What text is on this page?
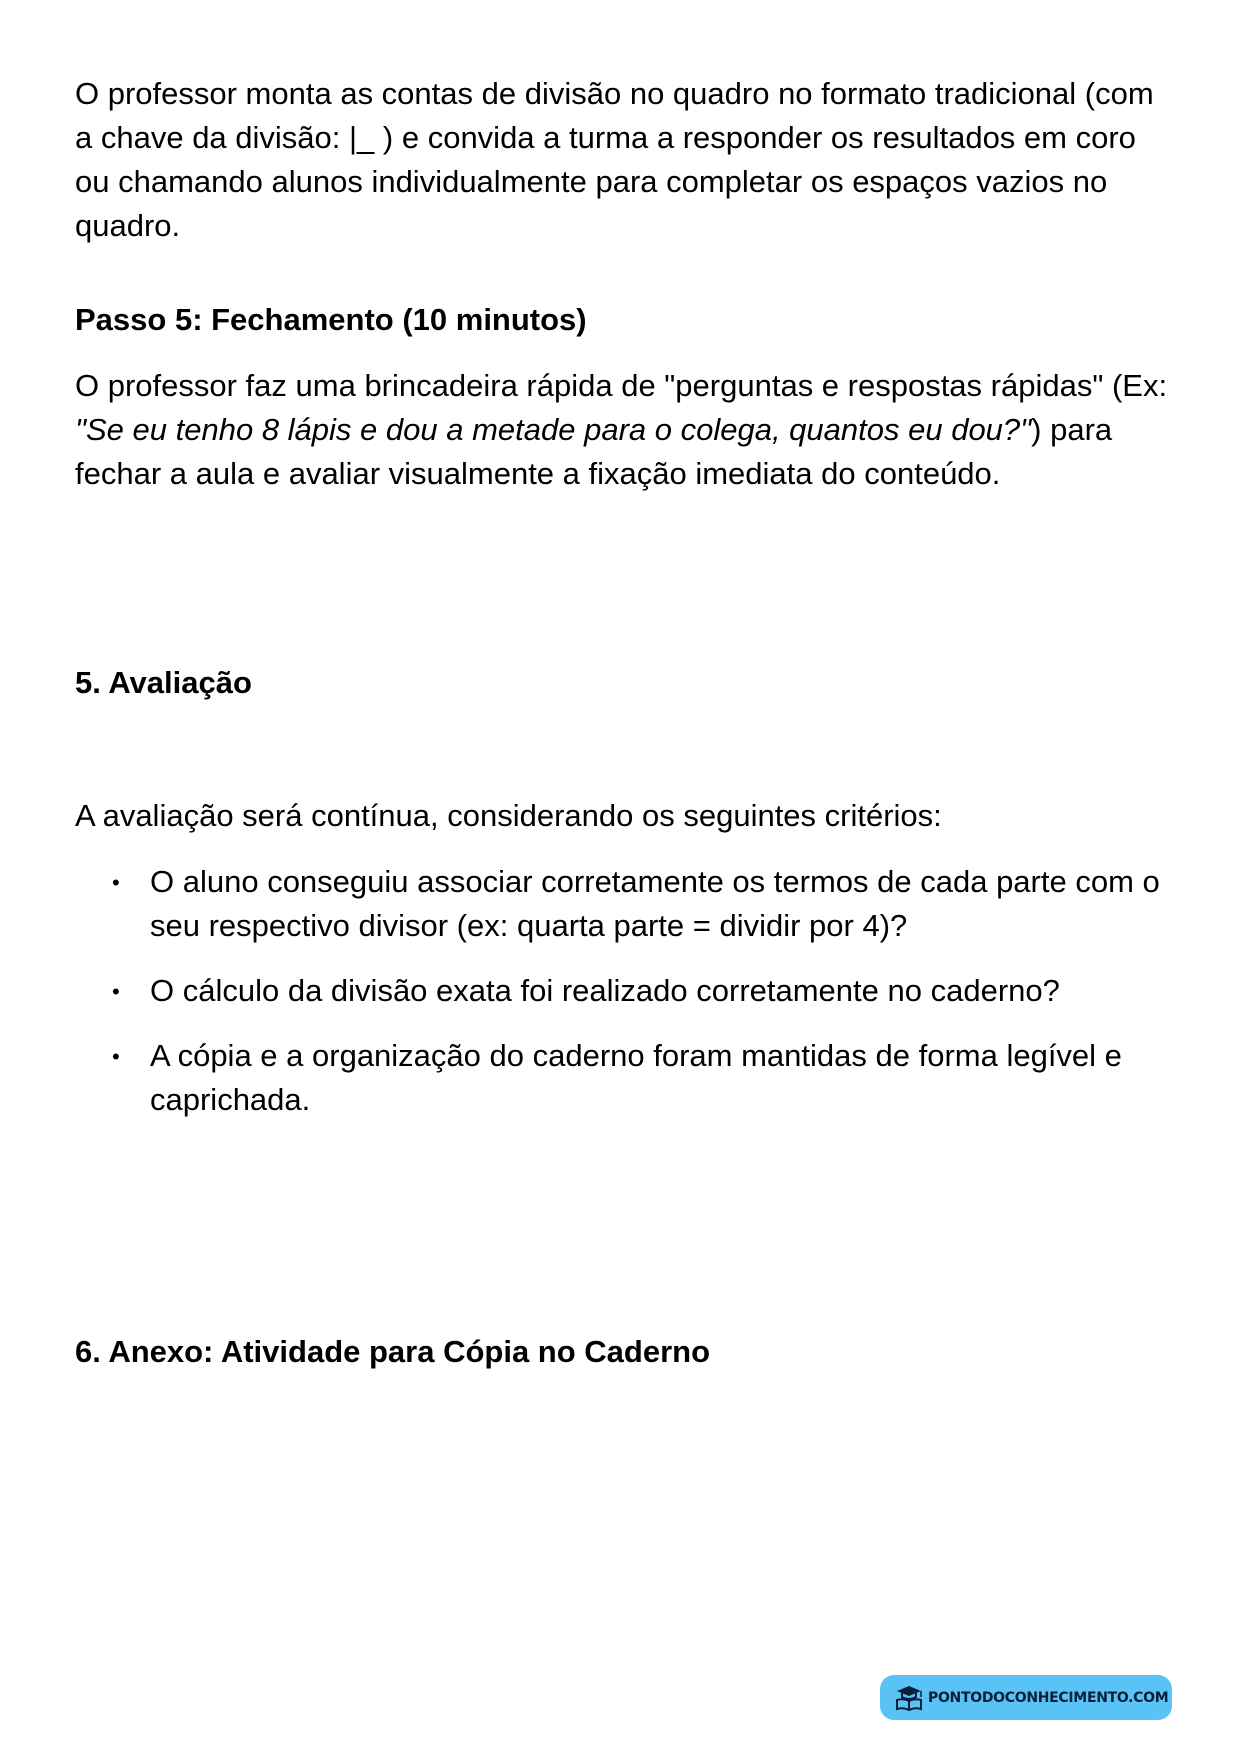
O professor monta as contas de divisão no quadro no formato tradicional (com a chave da divisão: |_ ) e convida a turma a responder os resultados em coro ou chamando alunos individualmente para completar os espaços vazios no quadro.

Passo 5: Fechamento (10 minutos)

O professor faz uma brincadeira rápida de "perguntas e respostas rápidas" (Ex: "Se eu tenho 8 lápis e dou a metade para o colega, quantos eu dou?") para fechar a aula e avaliar visualmente a fixação imediata do conteúdo.

5. Avaliação

A avaliação será contínua, considerando os seguintes critérios:

• O aluno conseguiu associar corretamente os termos de cada parte com o seu respectivo divisor (ex: quarta parte = dividir por 4)?
• O cálculo da divisão exata foi realizado corretamente no caderno?
• A cópia e a organização do caderno foram mantidas de forma legível e caprichada.
6. Anexo: Atividade para Cópia no Caderno
PONTODOCONHECIMENTO.COM
